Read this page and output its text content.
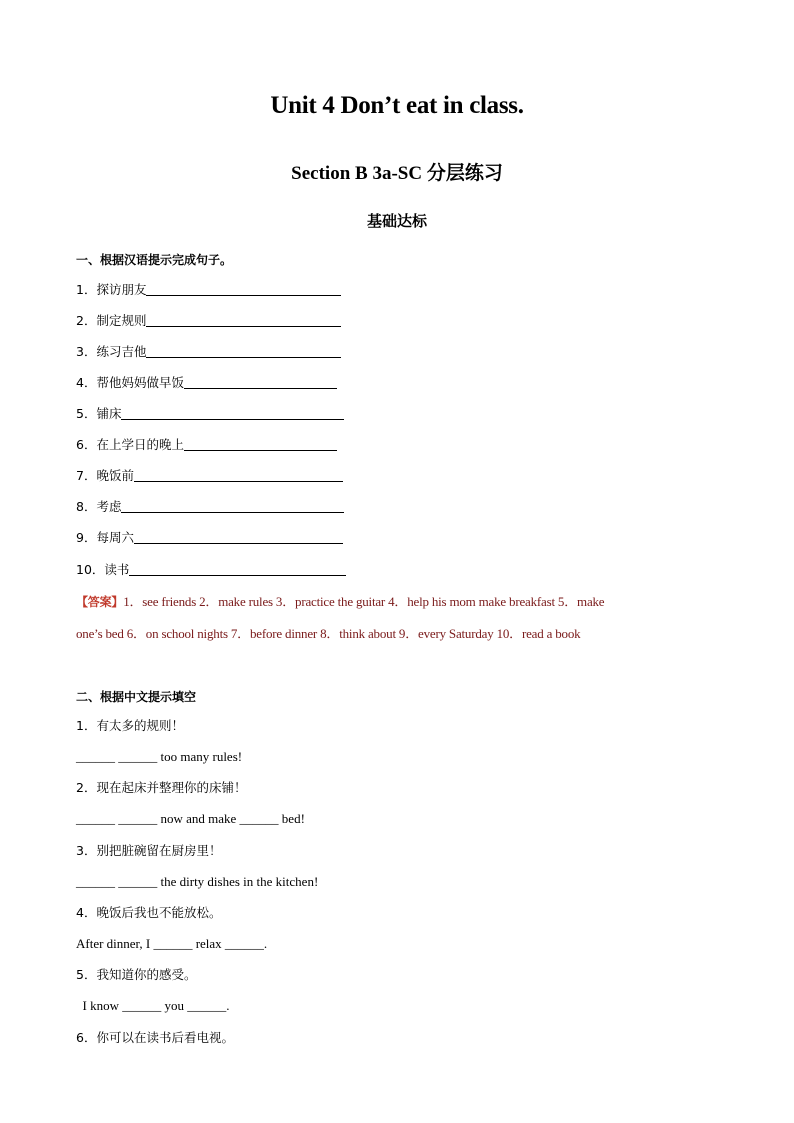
Unit 4 Don’t eat in class.
Section B 3a-SC 分层练习
基础达标
一、根据汉语提示完成句子。
1．探访朋友
2．制定规则
3．练习吉他
4．帮他妈妈做早饭
5．铺床
6．在上学日的晚上
7．晚饭前
8．考虑
9．每周六
10．读书
【答案】1．see friends 2．make rules 3．practice the guitar 4．help his mom make breakfast 5．make
one’s bed 6．on school nights 7．before dinner 8．think about 9．every Saturday 10．read a book
二、根据中文提示填空
1．有太多的规则！
______ ______ too many rules!
2．现在起床并整理你的床铺！
______ ______ now and make ______ bed!
3．别把脏碗留在厨房里！
______ ______ the dirty dishes in the kitchen!
4．晚饭后我也不能放松。
After dinner, I ______ relax ______.
5．我知道你的感受。
I know ______ you ______.
6．你可以在读书后看电视。
